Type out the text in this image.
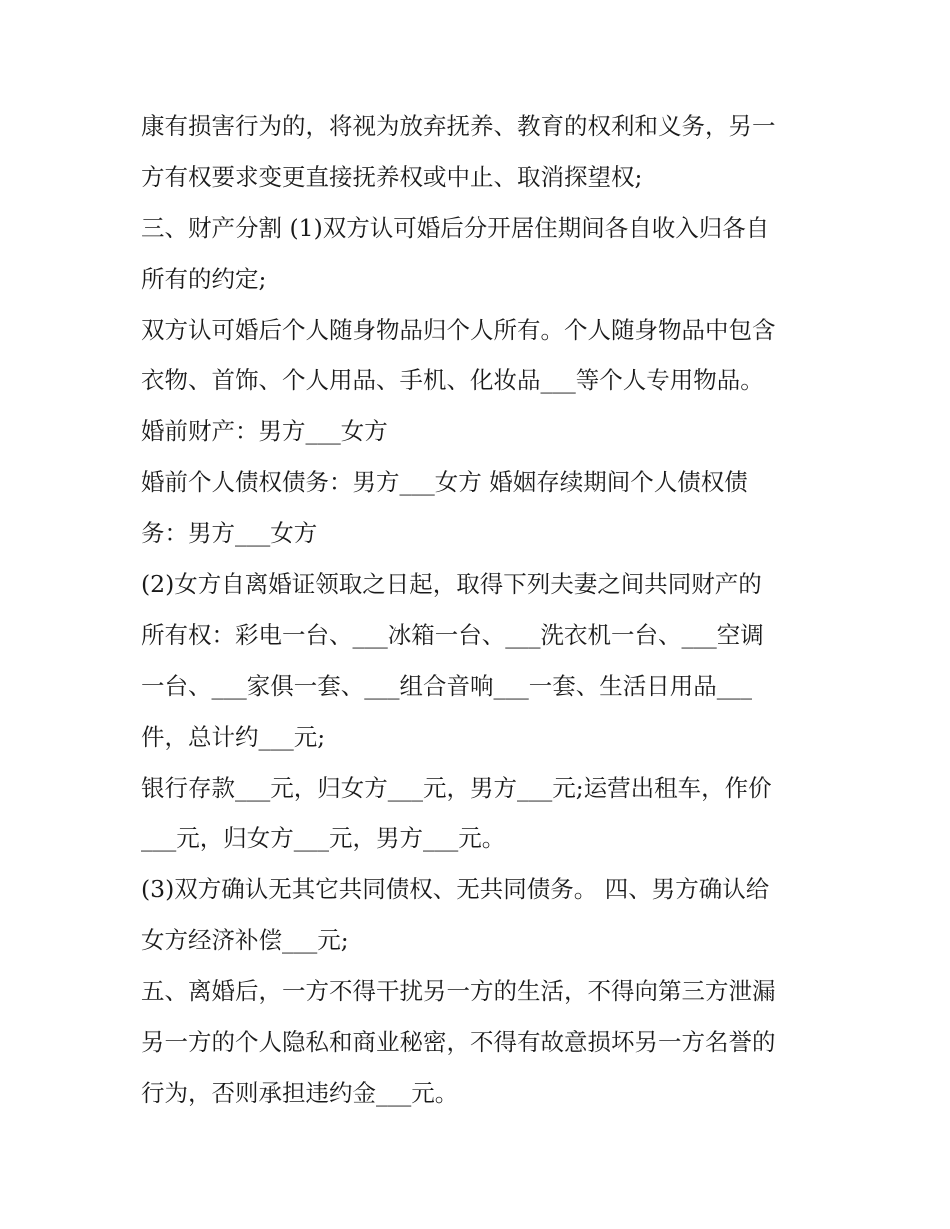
康有损害行为的，将视为放弃抚养、教育的权利和义务，另一
方有权要求变更直接抚养权或中止、取消探望权;
三、财产分割 (1)双方认可婚后分开居住期间各自收入归各自
所有的约定;
双方认可婚后个人随身物品归个人所有。个人随身物品中包含
衣物、首饰、个人用品、手机、化妆品___等个人专用物品。
婚前财产：男方___女方
婚前个人债权债务：男方___女方 婚姻存续期间个人债权债
务：男方___女方
(2)女方自离婚证领取之日起，取得下列夫妻之间共同财产的
所有权：彩电一台、___冰箱一台、___洗衣机一台、___空调
一台、___家俱一套、___组合音响___一套、生活日用品___
件，总计约___元;
银行存款___元，归女方___元，男方___元;运营出租车，作价
___元，归女方___元，男方___元。
(3)双方确认无其它共同债权、无共同债务。 四、男方确认给
女方经济补偿___元;
五、离婚后，一方不得干扰另一方的生活，不得向第三方泄漏
另一方的个人隐私和商业秘密，不得有故意损坏另一方名誉的
行为，否则承担违约金___元。
